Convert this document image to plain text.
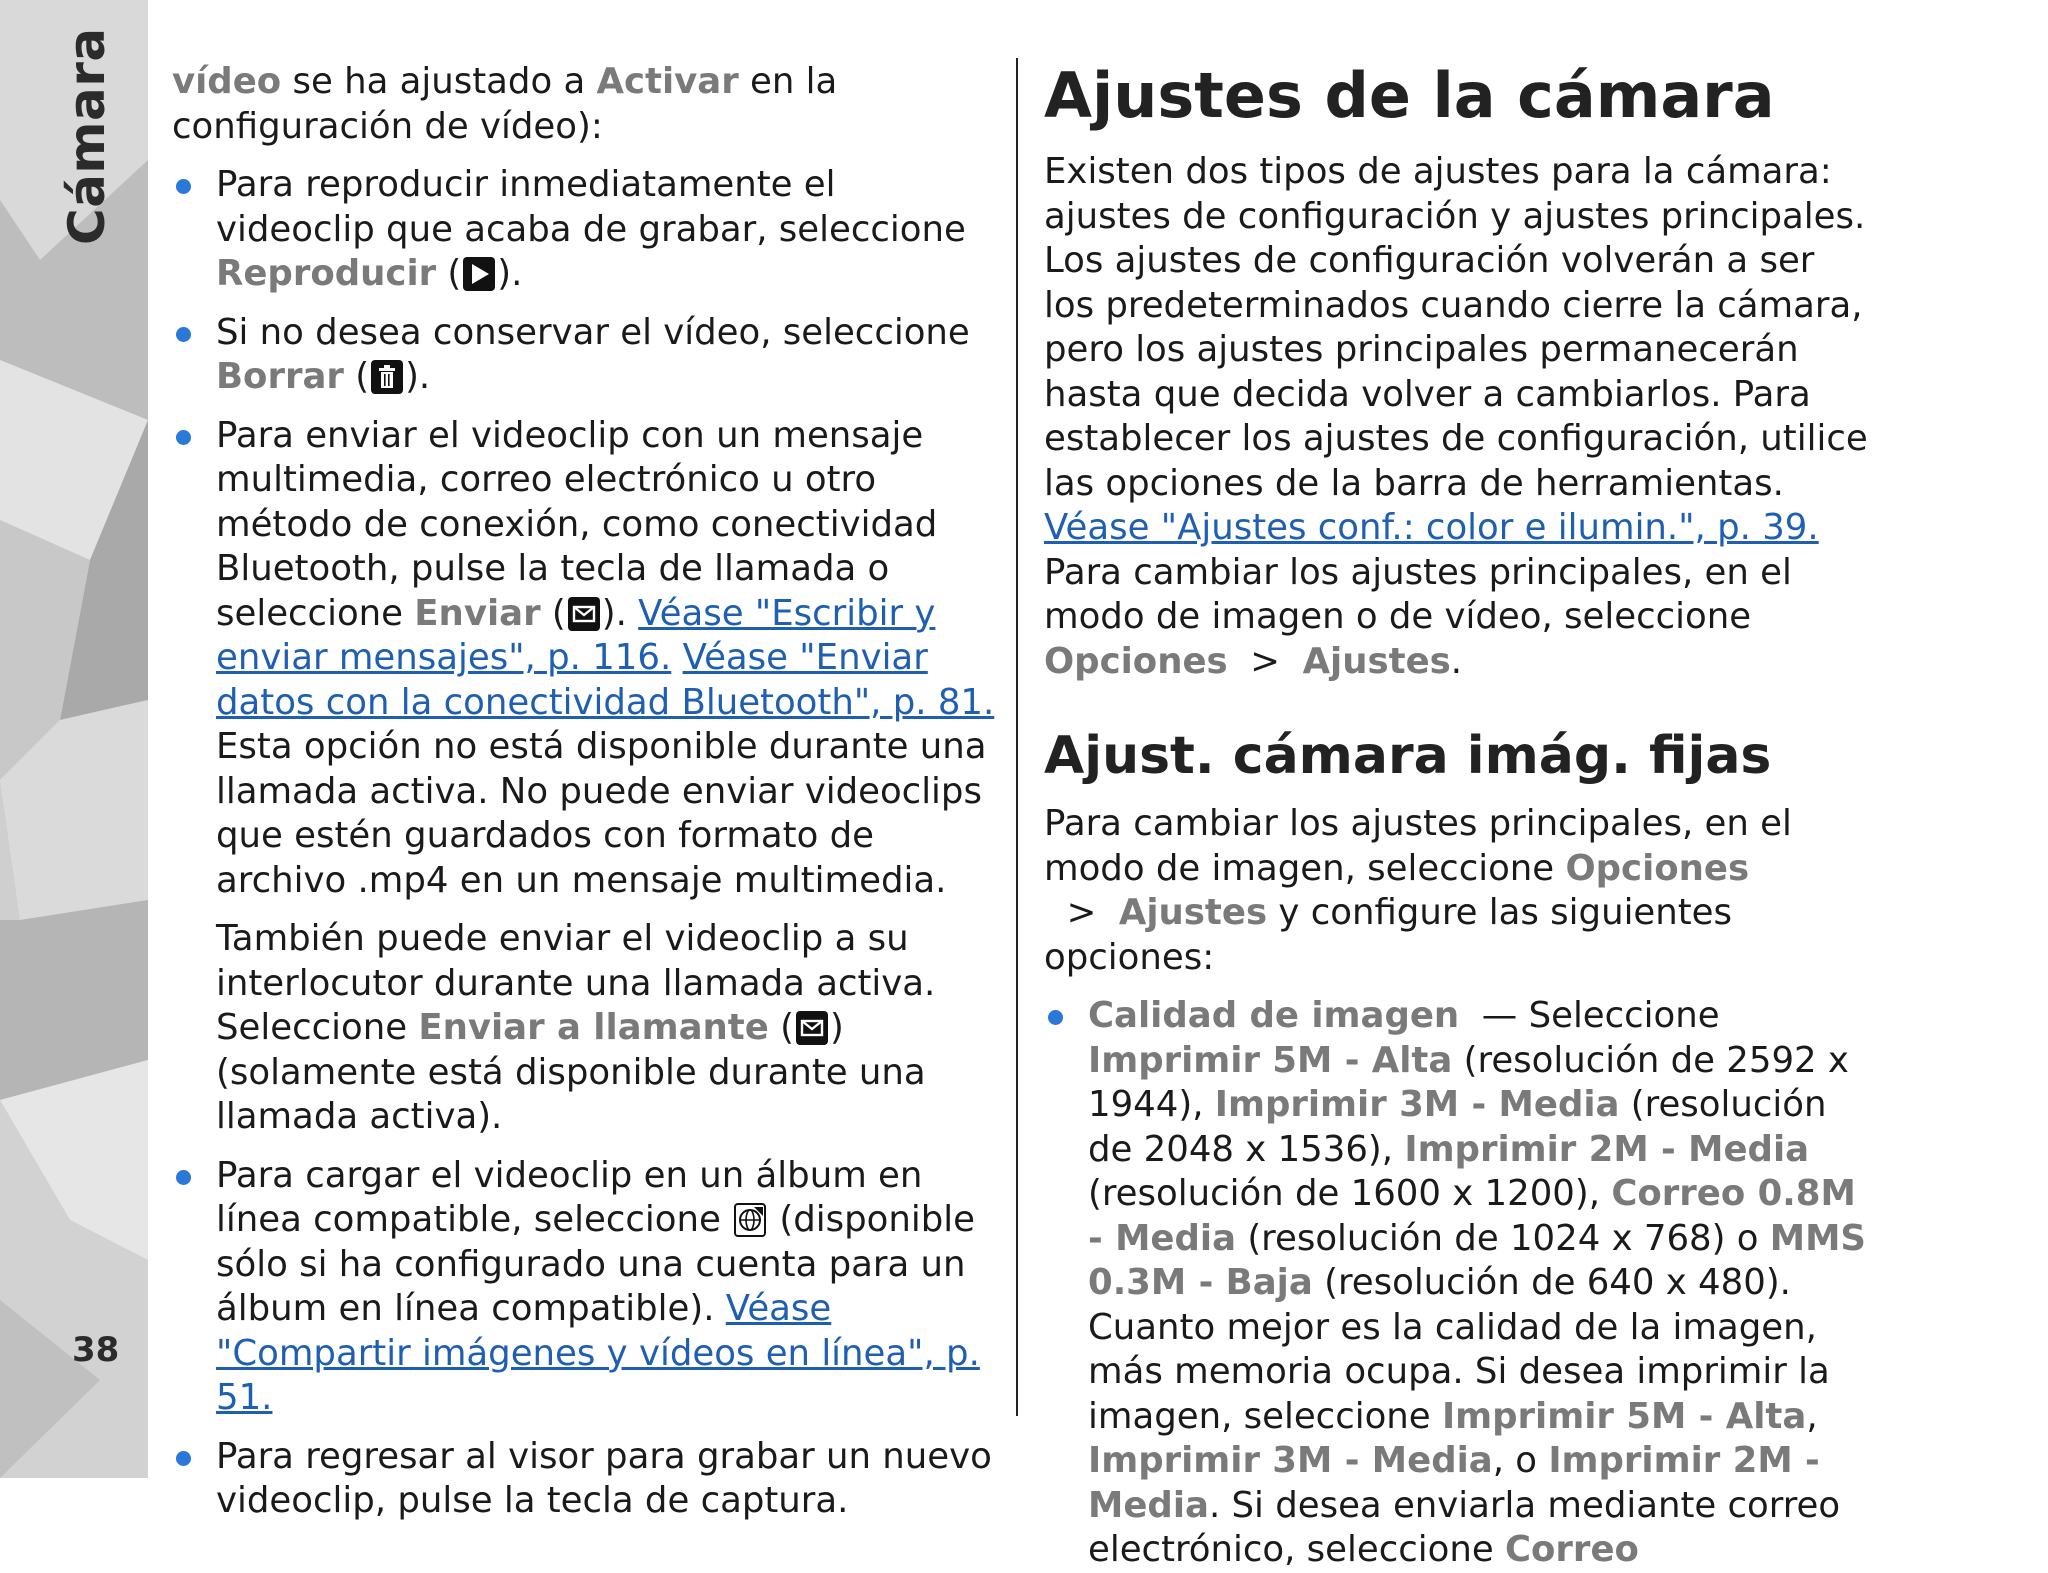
Cámara
38
vídeo se ha ajustado a Activar en la configuración de vídeo):
Para reproducir inmediatamente el videoclip que acaba de grabar, seleccione Reproducir ( ).
Si no desea conservar el vídeo, seleccione Borrar ( ).
Para enviar el videoclip con un mensaje multimedia, correo electrónico u otro método de conexión, como conectividad Bluetooth, pulse la tecla de llamada o seleccione Enviar ( ). Véase "Escribir y enviar mensajes", p. 116. Véase "Enviar datos con la conectividad Bluetooth", p. 81. Esta opción no está disponible durante una llamada activa. No puede enviar videoclips que estén guardados con formato de archivo .mp4 en un mensaje multimedia.
También puede enviar el videoclip a su interlocutor durante una llamada activa. Seleccione Enviar a llamante ( ) (solamente está disponible durante una llamada activa).
Para cargar el videoclip en un álbum en línea compatible, seleccione
(disponible sólo si ha configurado una cuenta para un álbum en línea compatible). Véase "Compartir imágenes y vídeos en línea", p. 51.
Para regresar al visor para grabar un nuevo videoclip, pulse la tecla de captura.
Ajustes de la cámara
Existen dos tipos de ajustes para la cámara: ajustes de configuración y ajustes principales. Los ajustes de configuración volverán a ser los predeterminados cuando cierre la cámara, pero los ajustes principales permanecerán hasta que decida volver a cambiarlos. Para establecer los ajustes de configuración, utilice las opciones de la barra de herramientas. Véase "Ajustes conf.: color e ilumin.", p. 39. Para cambiar los ajustes principales, en el modo de imagen o de vídeo, seleccione Opciones  >  Ajustes.
Ajust. cámara imág. fijas
Para cambiar los ajustes principales, en el modo de imagen, seleccione Opciones  >  Ajustes y configure las siguientes opciones:
Calidad de imagen  — Seleccione Imprimir 5M - Alta (resolución de 2592 x 1944), Imprimir 3M - Media (resolución de 2048 x 1536), Imprimir 2M - Media (resolución de 1600 x 1200), Correo 0.8M - Media (resolución de 1024 x 768) o MMS 0.3M - Baja (resolución de 640 x 480). Cuanto mejor es la calidad de la imagen, más memoria ocupa. Si desea imprimir la imagen, seleccione Imprimir 5M - Alta, Imprimir 3M - Media, o Imprimir 2M - Media. Si desea enviarla mediante correo electrónico, seleccione Correo
